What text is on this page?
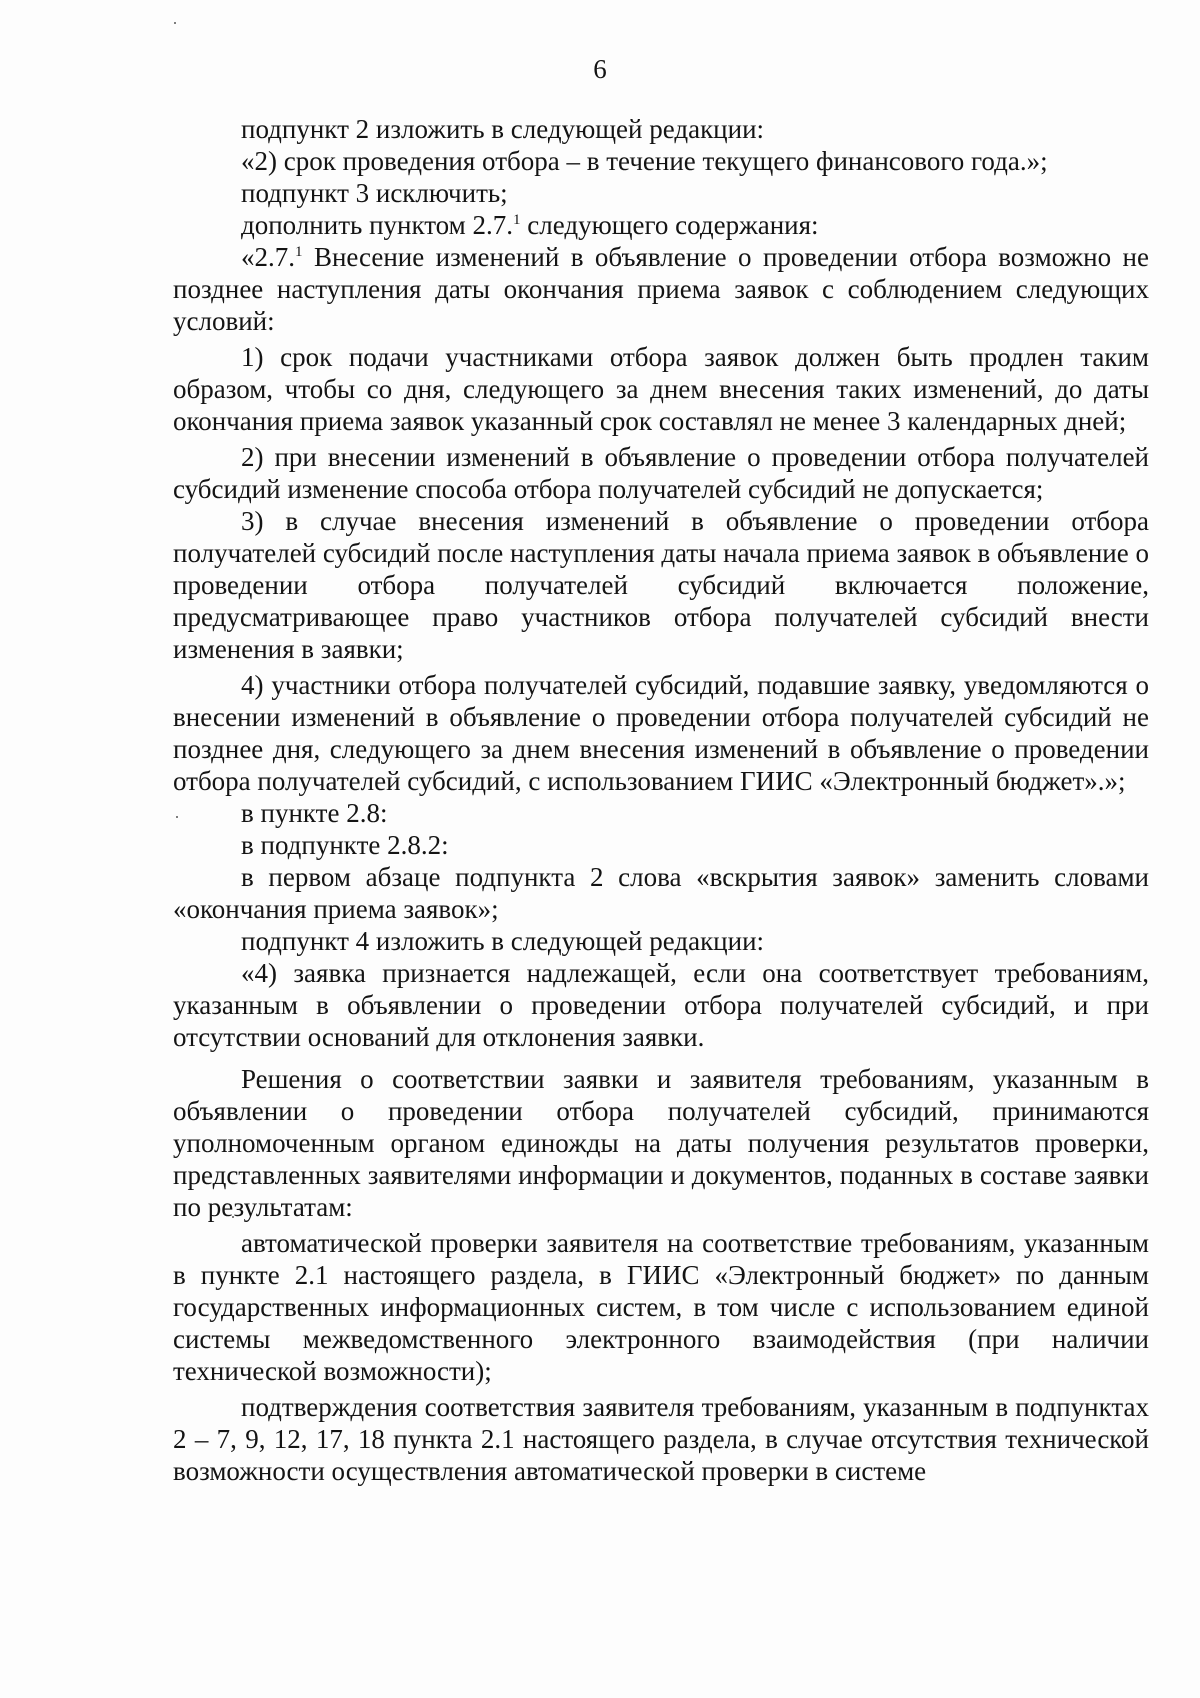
6

подпункт 2 изложить в следующей редакции:

«2) срок проведения отбора – в течение текущего финансового года.»;

подпункт 3 исключить;

дополнить пунктом 2.7.$^1$ следующего содержания:

«2.7.$^1$ Внесение изменений в объявление о проведении отбора возможно не позднее наступления даты окончания приема заявок с соблюдением следующих условий:

1) срок подачи участниками отбора заявок должен быть продлен таким образом, чтобы со дня, следующего за днем внесения таких изменений, до даты окончания приема заявок указанный срок составлял не менее 3 календарных дней;

2) при внесении изменений в объявление о проведении отбора получателей субсидий изменение способа отбора получателей субсидий не допускается;

3) в случае внесения изменений в объявление о проведении отбора получателей субсидий после наступления даты начала приема заявок в объявление о проведении отбора получателей субсидий включается положение, предусматривающее право участников отбора получателей субсидий внести изменения в заявки;

4) участники отбора получателей субсидий, подавшие заявку, уведомляются о внесении изменений в объявление о проведении отбора получателей субсидий не позднее дня, следующего за днем внесения изменений в объявление о проведении отбора получателей субсидий, с использованием ГИИС «Электронный бюджет».»;

в пункте 2.8:

в подпункте 2.8.2:

в первом абзаце подпункта 2 слова «вскрытия заявок» заменить словами «окончания приема заявок»;

подпункт 4 изложить в следующей редакции:

«4) заявка признается надлежащей, если она соответствует требованиям, указанным в объявлении о проведении отбора получателей субсидий, и при отсутствии оснований для отклонения заявки.

Решения о соответствии заявки и заявителя требованиям, указанным в объявлении о проведении отбора получателей субсидий, принимаются уполномоченным органом единожды на даты получения результатов проверки, представленных заявителями информации и документов, поданных в составе заявки по результатам:

автоматической проверки заявителя на соответствие требованиям, указанным в пункте 2.1 настоящего раздела, в ГИИС «Электронный бюджет» по данным государственных информационных систем, в том числе с использованием единой системы межведомственного электронного взаимодействия (при наличии технической возможности);

подтверждения соответствия заявителя требованиям, указанным в подпунктах 2 – 7, 9, 12, 17, 18 пункта 2.1 настоящего раздела, в случае отсутствия технической возможности осуществления автоматической проверки в системе
